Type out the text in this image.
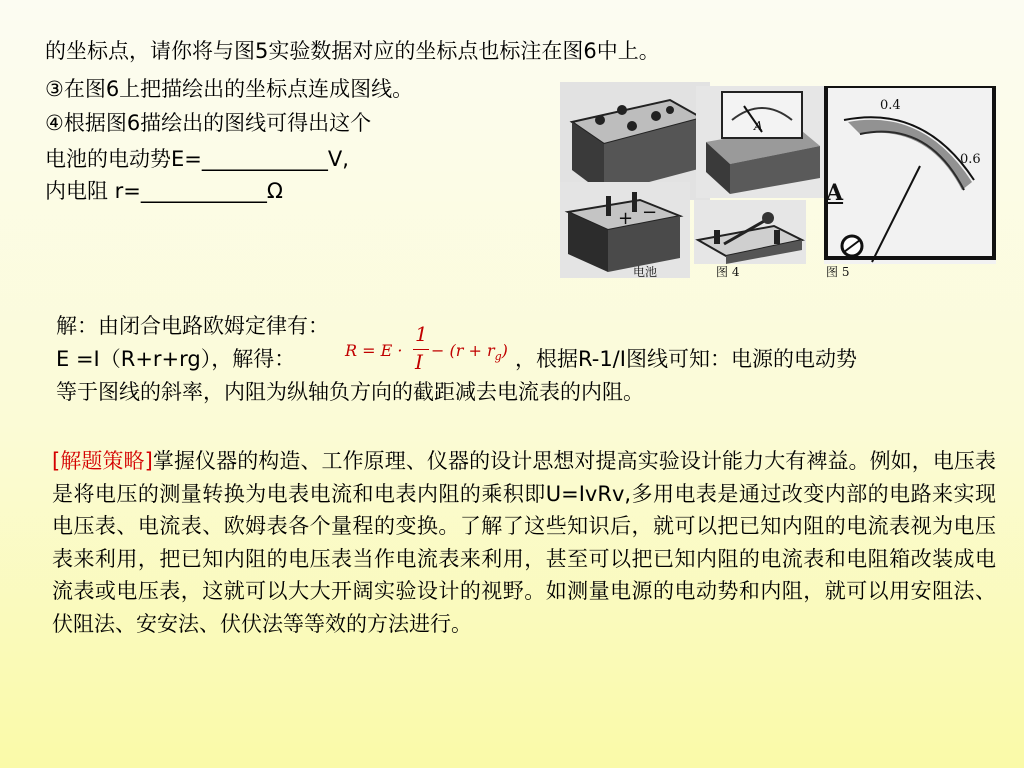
的坐标点，请你将与图5实验数据对应的坐标点也标注在图6中上。
③在图6上把描绘出的坐标点连成图线。
④根据图6描绘出的图线可得出这个
电池的电动势E=____________V,
内电阻 r=____________Ω
+ −
电池
A
图 4
0.4
0.6
A
图 5
解：由闭合电路欧姆定律有：
E =I（R+r+rg），解得：	R = E ·
1
$I - (r + r_g)$ ，根据R-1/I图线可知：电源的电动势
等于图线的斜率，内阻为纵轴负方向的截距减去电流表的内阻。
[解题策略]掌握仪器的构造、工作原理、仪器的设计思想对提高实验设计能力大有裨益。例如，电压表是将电压的测量转换为电表电流和电表内阻的乘积即U=IvRv,多用电表是通过改变内部的电路来实现电压表、电流表、欧姆表各个量程的变换。了解了这些知识后，就可以把已知内阻的电流表视为电压表来利用，把已知内阻的电压表当作电流表来利用，甚至可以把已知内阻的电流表和电阻箱改装成电流表或电压表，这就可以大大开阔实验设计的视野。如测量电源的电动势和内阻，就可以用安阻法、伏阻法、安安法、伏伏法等等效的方法进行。
